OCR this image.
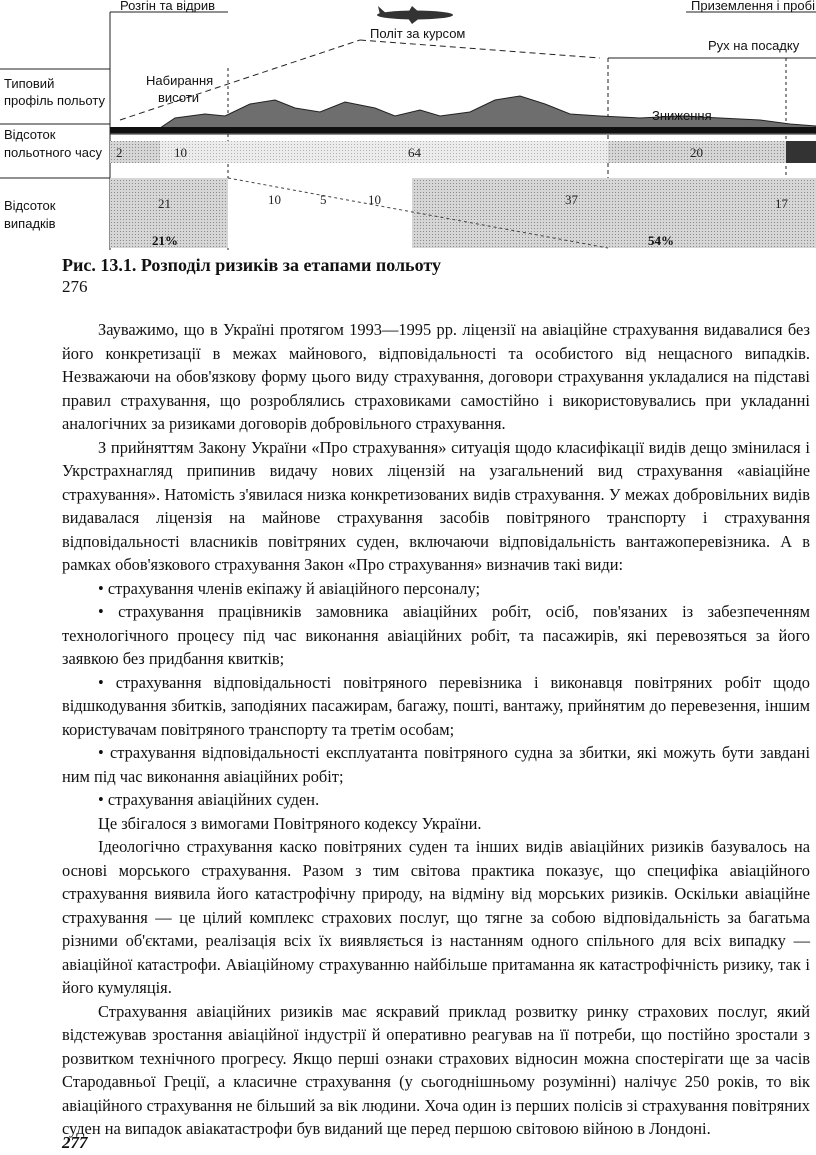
Типовий
профіль польоту
Відсоток
польотного часу
Відсоток
випадків
Розгін та відрив	Приземлення і пробі
Політ за курсом
Рух на посадку
Набирання
висоти
Зниження
2	10	64	20
21	10	5	10	37	17
21%	54%
Рис. 13.1. Розподіл ризиків за етапами польоту
276

Зауважимо, що в Україні протягом 1993—1995 рр. ліцензії на авіаційне страхування видавалися без його конкретизації в межах майнового, відповідальності та особистого від нещасного випадків. Незважаючи на обов'язкову форму цього виду страхування, договори страхування укладалися на підставі правил страхування, що розроблялись страховиками самостійно і використовувались при укладанні аналогічних за ризиками договорів добровільного страхування.

З прийняттям Закону України «Про страхування» ситуація щодо класифікації видів дещо змінилася і Укрстрахнагляд припинив видачу нових ліцензій на узагальнений вид страхування «авіаційне страхування». Натомість з'явилася низка конкретизованих видів страхування. У межах добровільних видів видавалася ліцензія на майнове страхування засобів повітряного транспорту і страхування відповідальності власників повітряних суден, включаючи відповідальність вантажоперевізника. А в рамках обов'язкового страхування Закон «Про страхування» визначив такі види:

• страхування членів екіпажу й авіаційного персоналу;

• страхування працівників замовника авіаційних робіт, осіб, пов'язаних із забезпеченням технологічного процесу під час виконання авіаційних робіт, та пасажирів, які перевозяться за його заявкою без придбання квитків;

• страхування відповідальності повітряного перевізника і виконавця повітряних робіт щодо відшкодування збитків, заподіяних пасажирам, багажу, пошті, вантажу, прийнятим до перевезення, іншим користувачам повітряного транспорту та третім особам;

• страхування відповідальності експлуатанта повітряного судна за збитки, які можуть бути завдані ним під час виконання авіаційних робіт;

• страхування авіаційних суден.

Це збігалося з вимогами Повітряного кодексу України.

Ідеологічно страхування каско повітряних суден та інших видів авіаційних ризиків базувалось на основі морського страхування. Разом з тим світова практика показує, що специфіка авіаційного страхування виявила його катастрофічну природу, на відміну від морських ризиків. Оскільки авіаційне страхування — це цілий комплекс страхових послуг, що тягне за собою відповідальність за багатьма різними об'єктами, реалізація всіх їх виявляється із настанням одного спільного для всіх випадку — авіаційної катастрофи. Авіаційному страхуванню найбільше притаманна як катастрофічність ризику, так і його кумуляція.

Страхування авіаційних ризиків має яскравий приклад розвитку ринку страхових послуг, який відстежував зростання авіаційної індустрії й оперативно реагував на її потреби, що постійно зростали з розвитком технічного прогресу. Якщо перші ознаки страхових відносин можна спостерігати ще за часів Стародавньої Греції, а класичне страхування (у сьогоднішньому розумінні) налічує 250 років, то вік авіаційного страхування не більший за вік людини. Хоча один із перших полісів зі страхування повітряних суден на випадок авіакатастрофи був виданий ще перед першою світовою війною в Лондоні.

277
